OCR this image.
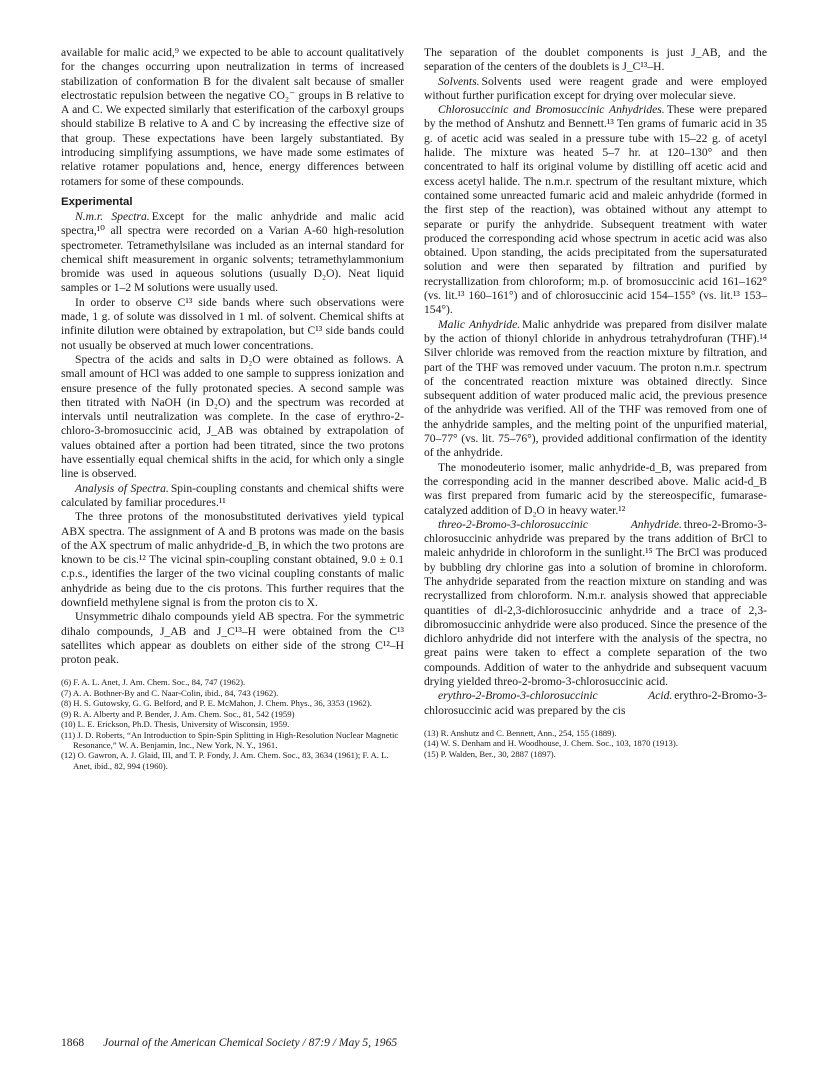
available for malic acid,⁹ we expected to be able to account qualitatively for the changes occurring upon neutralization in terms of increased stabilization of conformation B for the divalent salt because of smaller electrostatic repulsion between the negative CO₂⁻ groups in B relative to A and C. We expected similarly that esterification of the carboxyl groups should stabilize B relative to A and C by increasing the effective size of that group. These expectations have been largely substantiated. By introducing simplifying assumptions, we have made some estimates of relative rotamer populations and, hence, energy differences between rotamers for some of these compounds.

Experimental

N.m.r. Spectra. Except for the malic anhydride and malic acid spectra,¹⁰ all spectra were recorded on a Varian A-60 high-resolution spectrometer. Tetramethylsilane was included as an internal standard for chemical shift measurement in organic solvents; tetramethylammonium bromide was used in aqueous solutions (usually D₂O). Neat liquid samples or 1–2 M solutions were usually used.

In order to observe C¹³ side bands where such observations were made, 1 g. of solute was dissolved in 1 ml. of solvent. Chemical shifts at infinite dilution were obtained by extrapolation, but C¹³ side bands could not usually be observed at much lower concentrations.

Spectra of the acids and salts in D₂O were obtained as follows. A small amount of HCl was added to one sample to suppress ionization and ensure presence of the fully protonated species. A second sample was then titrated with NaOH (in D₂O) and the spectrum was recorded at intervals until neutralization was complete. In the case of erythro-2-chloro-3-bromosuccinic acid, J_AB was obtained by extrapolation of values obtained after a portion had been titrated, since the two protons have essentially equal chemical shifts in the acid, for which only a single line is observed.

Analysis of Spectra. Spin-coupling constants and chemical shifts were calculated by familiar procedures.¹¹

The three protons of the monosubstituted derivatives yield typical ABX spectra. The assignment of A and B protons was made on the basis of the AX spectrum of malic anhydride-d_B, in which the two protons are known to be cis.¹² The vicinal spin-coupling constant obtained, 9.0 ± 0.1 c.p.s., identifies the larger of the two vicinal coupling constants of malic anhydride as being due to the cis protons. This further requires that the downfield methylene signal is from the proton cis to X.

Unsymmetric dihalo compounds yield AB spectra. For the symmetric dihalo compounds, J_AB and J_C¹³–H were obtained from the C¹³ satellites which appear as doublets on either side of the strong C¹²–H proton peak.

(6) F. A. L. Anet, J. Am. Chem. Soc., 84, 747 (1962).

(7) A. A. Bothner-By and C. Naar-Colin, ibid., 84, 743 (1962).

(8) H. S. Gutowsky, G. G. Belford, and P. E. McMahon, J. Chem. Phys., 36, 3353 (1962).

(9) R. A. Alberty and P. Bender, J. Am. Chem. Soc., 81, 542 (1959)

(10) L. E. Erickson, Ph.D. Thesis, University of Wisconsin, 1959.

(11) J. D. Roberts, “An Introduction to Spin-Spin Splitting in High-Resolution Nuclear Magnetic Resonance,” W. A. Benjamin, Inc., New York, N. Y., 1961.

(12) O. Gawron, A. J. Glaid, III, and T. P. Fondy, J. Am. Chem. Soc., 83, 3634 (1961); F. A. L. Anet, ibid., 82, 994 (1960).

The separation of the doublet components is just J_AB, and the separation of the centers of the doublets is J_C¹³–H.

Solvents. Solvents used were reagent grade and were employed without further purification except for drying over molecular sieve.

Chlorosuccinic and Bromosuccinic Anhydrides. These were prepared by the method of Anshutz and Bennett.¹³ Ten grams of fumaric acid in 35 g. of acetic acid was sealed in a pressure tube with 15–22 g. of acetyl halide. The mixture was heated 5–7 hr. at 120–130° and then concentrated to half its original volume by distilling off acetic acid and excess acetyl halide. The n.m.r. spectrum of the resultant mixture, which contained some unreacted fumaric acid and maleic anhydride (formed in the first step of the reaction), was obtained without any attempt to separate or purify the anhydride. Subsequent treatment with water produced the corresponding acid whose spectrum in acetic acid was also obtained. Upon standing, the acids precipitated from the supersaturated solution and were then separated by filtration and purified by recrystallization from chloroform; m.p. of bromosuccinic acid 161–162° (vs. lit.¹³ 160–161°) and of chlorosuccinic acid 154–155° (vs. lit.¹³ 153–154°).

Malic Anhydride. Malic anhydride was prepared from disilver malate by the action of thionyl chloride in anhydrous tetrahydrofuran (THF).¹⁴ Silver chloride was removed from the reaction mixture by filtration, and part of the THF was removed under vacuum. The proton n.m.r. spectrum of the concentrated reaction mixture was obtained directly. Since subsequent addition of water produced malic acid, the previous presence of the anhydride was verified. All of the THF was removed from one of the anhydride samples, and the melting point of the unpurified material, 70–77° (vs. lit. 75–76°), provided additional confirmation of the identity of the anhydride.

The monodeuterio isomer, malic anhydride-d_B, was prepared from the corresponding acid in the manner described above. Malic acid-d_B was first prepared from fumaric acid by the stereospecific, fumarase-catalyzed addition of D₂O in heavy water.¹²

threo-2-Bromo-3-chlorosuccinic Anhydride. threo-2-Bromo-3-chlorosuccinic anhydride was prepared by the trans addition of BrCl to maleic anhydride in chloroform in the sunlight.¹⁵ The BrCl was produced by bubbling dry chlorine gas into a solution of bromine in chloroform. The anhydride separated from the reaction mixture on standing and was recrystallized from chloroform. N.m.r. analysis showed that appreciable quantities of dl-2,3-dichlorosuccinic anhydride and a trace of 2,3-dibromosuccinic anhydride were also produced. Since the presence of the dichloro anhydride did not interfere with the analysis of the spectra, no great pains were taken to effect a complete separation of the two compounds. Addition of water to the anhydride and subsequent vacuum drying yielded threo-2-bromo-3-chlorosuccinic acid.

erythro-2-Bromo-3-chlorosuccinic Acid. erythro-2-Bromo-3-chlorosuccinic acid was prepared by the cis

(13) R. Anshutz and C. Bennett, Ann., 254, 155 (1889).

(14) W. S. Denham and H. Woodhouse, J. Chem. Soc., 103, 1870 (1913).

(15) P. Walden, Ber., 30, 2887 (1897).

1868 Journal of the American Chemical Society / 87:9 / May 5, 1965
